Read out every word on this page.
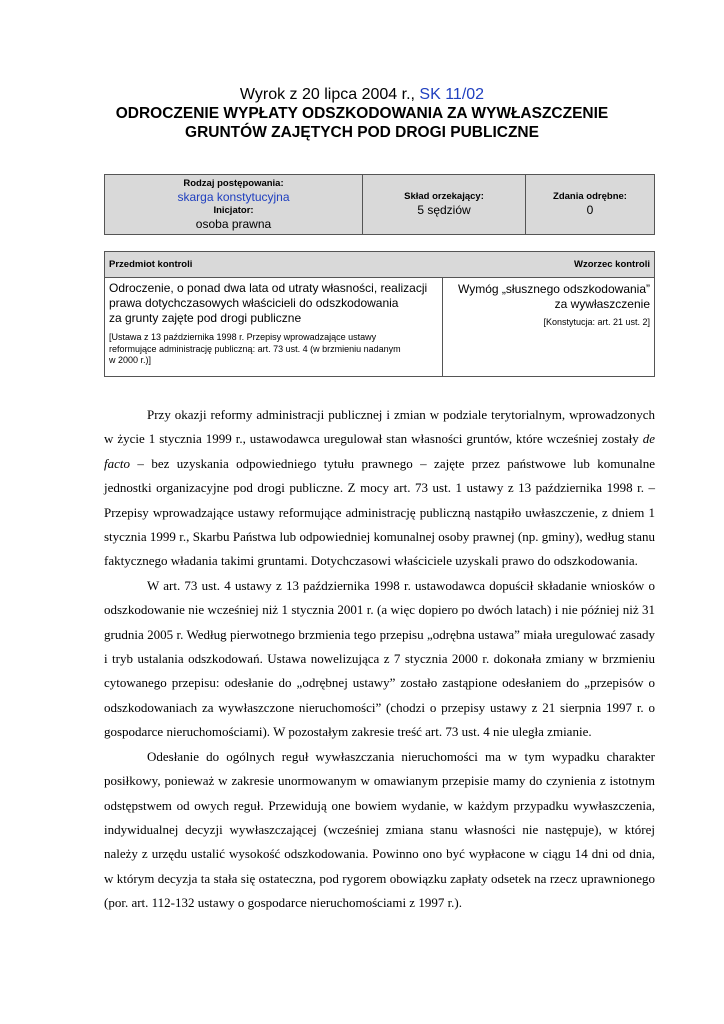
Wyrok z 20 lipca 2004 r., SK 11/02
ODROCZENIE WYPŁATY ODSZKODOWANIA ZA WYWŁASZCZENIE
GRUNTÓW ZAJĘTYCH POD DROGI PUBLICZNE
Rodzaj postępowania:
skarga konstytucyjna
Inicjator:
osoba prawna
Skład orzekający:
5 sędziów
Zdania odrębne:
0
Przedmiot kontroli	Wzorzec kontroli
Odroczenie, o ponad dwa lata od utraty własności, realizacji
prawa dotychczasowych właścicieli do odszkodowania
za grunty zajęte pod drogi publiczne
[Ustawa z 13 października 1998 r. Przepisy wprowadzające ustawy
reformujące administrację publiczną: art. 73 ust. 4 (w brzmieniu nadanym
w 2000 r.)]
Wymóg „słusznego odszkodowania”
za wywłaszczenie
[Konstytucja: art. 21 ust. 2]

Przy okazji reformy administracji publicznej i zmian w podziale terytorialnym, wprowadzonych w życie 1 stycznia 1999 r., ustawodawca uregulował stan własności gruntów, które wcześniej zostały de facto – bez uzyskania odpowiedniego tytułu prawnego – zajęte przez państwowe lub komunalne jednostki organizacyjne pod drogi publiczne. Z mocy art. 73 ust. 1 ustawy z 13 października 1998 r. – Przepisy wprowadzające ustawy reformujące administrację publiczną nastąpiło uwłaszczenie, z dniem 1 stycznia 1999 r., Skarbu Państwa lub odpowiedniej komunalnej osoby prawnej (np. gminy), według stanu faktycznego władania takimi gruntami. Dotychczasowi właściciele uzyskali prawo do odszkodowania.

W art. 73 ust. 4 ustawy z 13 października 1998 r. ustawodawca dopuścił składanie wniosków o odszkodowanie nie wcześniej niż 1 stycznia 2001 r. (a więc dopiero po dwóch latach) i nie później niż 31 grudnia 2005 r. Według pierwotnego brzmienia tego przepisu „odrębna ustawa” miała uregulować zasady i tryb ustalania odszkodowań. Ustawa nowelizująca z 7 stycznia 2000 r. dokonała zmiany w brzmieniu cytowanego przepisu: odesłanie do „odrębnej ustawy” zostało zastąpione odesłaniem do „przepisów o odszkodowaniach za wywłaszczone nieruchomości” (chodzi o przepisy ustawy z 21 sierpnia 1997 r. o gospodarce nieruchomościami). W pozostałym zakresie treść art. 73 ust. 4 nie uległa zmianie.

Odesłanie do ogólnych reguł wywłaszczania nieruchomości ma w tym wypadku charakter posiłkowy, ponieważ w zakresie unormowanym w omawianym przepisie mamy do czynienia z istotnym odstępstwem od owych reguł. Przewidują one bowiem wydanie, w każdym przypadku wywłaszczenia, indywidualnej decyzji wywłaszczającej (wcześniej zmiana stanu własności nie następuje), w której należy z urzędu ustalić wysokość odszkodowania. Powinno ono być wypłacone w ciągu 14 dni od dnia, w którym decyzja ta stała się ostateczna, pod rygorem obowiązku zapłaty odsetek na rzecz uprawnionego (por. art. 112-132 ustawy o gospodarce nieruchomościami z 1997 r.).
